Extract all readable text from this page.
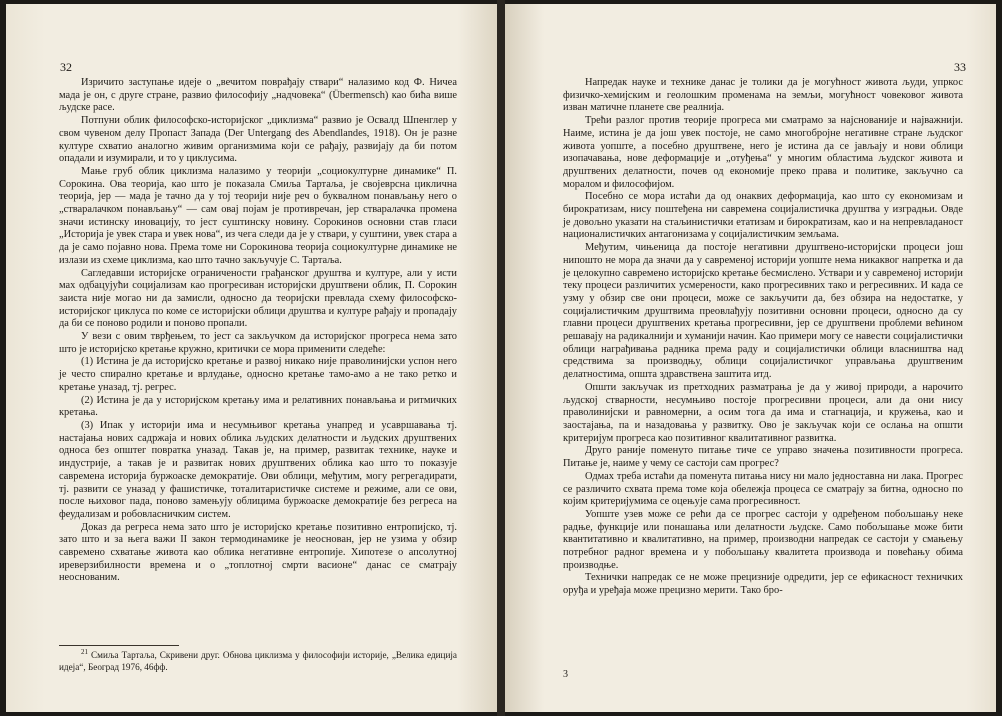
32

Изричито заступање идеје о „вечитом поврађају ствари“ налазимо код Ф. Ничеа мада је он, с друге стране, развио философију „надчовека“ (Übermensch) као бића више људске расе.

Потпуни облик философско-историјског „циклизма“ развио је Освалд Шпенглер у свом чувеном делу Пропаст Запада (Der Untergang des Abendlandes, 1918). Он је разне културе схватио аналогно живим организмима који се рађају, развијају да би потом опадали и изумирали, и то у циклусима.

Мање груб облик циклизма налазимо у теорији „социокултурне динамике“ П. Сорокина. Ова теорија, као што је показала Смиља Тартаља, је својеврсна циклична теорија, јер — мада је тачно да у тој теорији није реч о буквалном понављању него о „стваралачком понављању“ — сам овај појам је противречан, јер стваралачка промена значи истинску иновацију, то јест суштинску новину. Сорокинов основни став гласи „Историја је увек стара и увек нова“, из чега следи да је у ствари, у суштини, увек стара а да је само појавно нова. Према томе ни Сорокинова теорија социокултурне динамике не излази из схеме циклизма, као што тачно закључује С. Тартаља.

Сагледавши историјске ограничености грађанског друштва и културе, али у исти мах одбацујући социјализам као прогресиван историјски друштвени облик, П. Сорокин заиста није могао ни да замисли, односно да теоријски превлада схему философско-историјског циклуса по коме се историјски облици друштва и културе рађају и пропадају да би се поново родили и поново пропали.

У вези с овим тврђењем, то јест са закључком да историјског прогреса нема зато што је историјско кретање кружно, критички се мора применити следеће:

(1) Истина је да историјско кретање и развој никако није праволинијски успон него је често спирално кретање и врлудање, односно кретање тамо-амо а не тако ретко и кретање уназад, тј. регрес.

(2) Истина је да у историјском кретању има и релативних понављања и ритмичких кретања.

(3) Ипак у историји има и несумњивог кретања унапред и усавршавања тј. настајања нових садржаја и нових облика људских делатности и људских друштвених односа без општег повратка уназад. Такав је, на пример, развитак технике, науке и индустрије, а такав је и развитак нових друштвених облика као што то показује савремена историја буржоаске демократије. Ови облици, међутим, могу регрегадирати, тј. развити се уназад у фашистичке, тоталитаристичке системе и режиме, али се ови, после њиховог пада, поново замењују облицима буржоаске демократије без регреса на феудализам и робовласничким систем.

Доказ да регреса нема зато што је историјско кретање позитивно ентропијско, тј. зато што и за њега важи II закон термодинамике је неоснован, јер не узима у обзир савремено схватање живота као облика негативне ентропије. Хипотезе о апсолутној иреверзибилности времена и о „топлотној смрти васионе“ данас се сматрају неоснованим.

$^{21}$ Смиља Тартаља, Скривени друг. Обнова циклизма у философији историје, „Велика едиција идеја“, Београд 1976, 46фф.
33

Напредак науке и технике данас је толики да је могућност живота људи, упркос физичко-хемијским и геолошким променама на земљи, могућност човековог живота изван матичне планете све реалнија.

Трећи разлог против теорије прогреса ми сматрамо за најснованије и најважнији. Наиме, истина је да још увек постоје, не само многобројне негативне стране људског живота уопште, а посебно друштвене, него је истина да се јављају и нови облици изопачавања, нове деформације и „отуђења“ у многим областима људског живота и друштвених делатности, почев од економије преко права и политике, закључно са моралом и философијом.

Посебно се мора истаћи да од онаквих деформација, као што су економизам и бирократизам, нису поштеђена ни савремена социјалистичка друштва у изградњи. Овде је довољно указати на стаљинистички етатизам и бирократизам, као и на непревладаност националистичких антагонизама у социјалистичким земљама.

Међутим, чињеница да постоје негативни друштвено-историјски процеси још нипошто не мора да значи да у савременој историји уопште нема никаквог напретка и да је целокупно савремено историјско кретање бесмислено. Уствари и у савременој историји теку процеси различитих усмерености, како прогресивних тако и регресивних. И када се узму у обзир све они процеси, може се закључити да, без обзира на недостатке, у социјалистичким друштвима преовлађују позитивни основни процеси, односно да су главни процеси друштвених кретања прогресивни, јер се друштвени проблеми већином решавају на радикалнији и хуманији начин. Као примери могу се навести социјалистички облици награђивања радника према раду и социјалистички облици власништва над средствима за производњу, облици социјалистичког управљања друштвеним делатностима, општа здравствена заштита итд.

Општи закључак из претходних разматрања је да у живој природи, а нарочито људској стварности, несумњиво постоје прогресивни процеси, али да они нису праволинијски и равномерни, а осим тога да има и стагнација, и кружења, као и заостајања, па и назадовања у развитку. Ово је закључак који се ослања на општи критеријум прогреса као позитивног квалитативног развитка.

Друго раније поменуто питање тиче се управо значења позитивности прогреса. Питање је, наиме у чему се састоји сам прогрес?

Одмах треба истаћи да поменута питања нису ни мало једноставна ни лака. Прогрес се различито схвата према томе која обележја процеса се сматрају за битна, односно по којим критеријумима се оцењује сама прогресивност.

Уопште узев може се рећи да се прогрес састоји у одређеном побољшању неке радње, функције или понашања или делатности људске. Само побољшање може бити квантитативно и квалитативно, на пример, производни напредак се састоји у смањењу потребног радног времена и у побољшању квалитета производа и повећању обима производње.

Технички напредак се не може прецизније одредити, јер се ефикасност техничких оруђа и уређаја може прецизно мерити. Тако бро-

3
